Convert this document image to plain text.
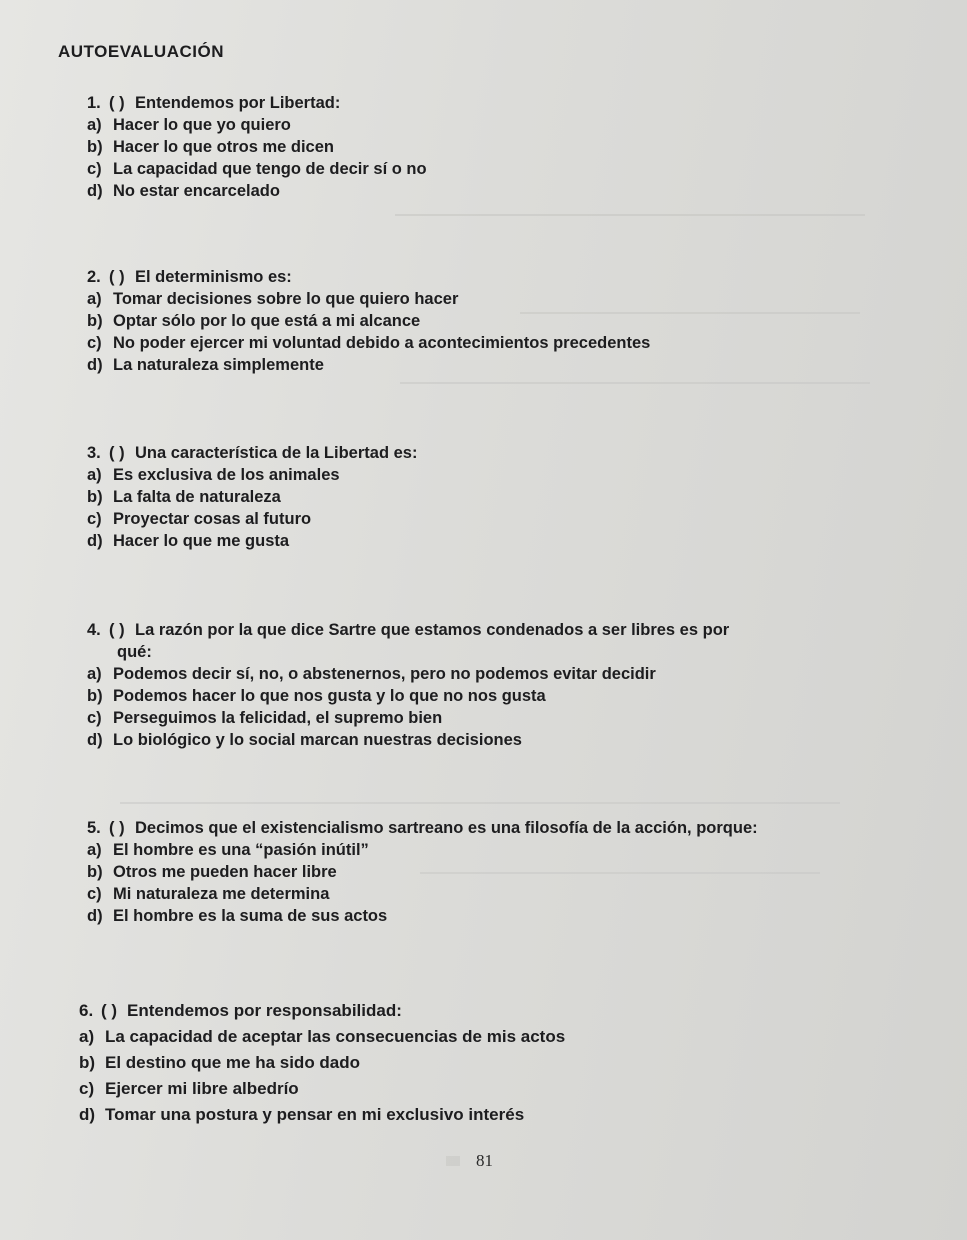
AUTOEVALUACIÓN
1. ( ) Entendemos por Libertad:
a) Hacer lo que yo quiero
b) Hacer lo que otros me dicen
c) La capacidad que tengo de decir sí o no
d) No estar encarcelado
2. ( ) El determinismo es:
a) Tomar decisiones sobre lo que quiero hacer
b) Optar sólo por lo que está a mi alcance
c) No poder ejercer mi voluntad debido a acontecimientos precedentes
d) La naturaleza simplemente
3. ( ) Una característica de la Libertad es:
a) Es exclusiva de los animales
b) La falta de naturaleza
c) Proyectar cosas al futuro
d) Hacer lo que me gusta
4. ( ) La razón por la que dice Sartre que estamos condenados a ser libres es por
qué:
a) Podemos decir sí, no, o abstenernos, pero no podemos evitar decidir
b) Podemos hacer lo que nos gusta y lo que no nos gusta
c) Perseguimos la felicidad, el supremo bien
d) Lo biológico y lo social marcan nuestras decisiones
5. ( ) Decimos que el existencialismo sartreano es una filosofía de la acción, porque:
a) El hombre es una “pasión inútil”
b) Otros me pueden hacer libre
c) Mi naturaleza me determina
d) El hombre es la suma de sus actos
6. ( ) Entendemos por responsabilidad:
a) La capacidad de aceptar las consecuencias de mis actos
b) El destino que me ha sido dado
c) Ejercer mi libre albedrío
d) Tomar una postura y pensar en mi exclusivo interés
81
